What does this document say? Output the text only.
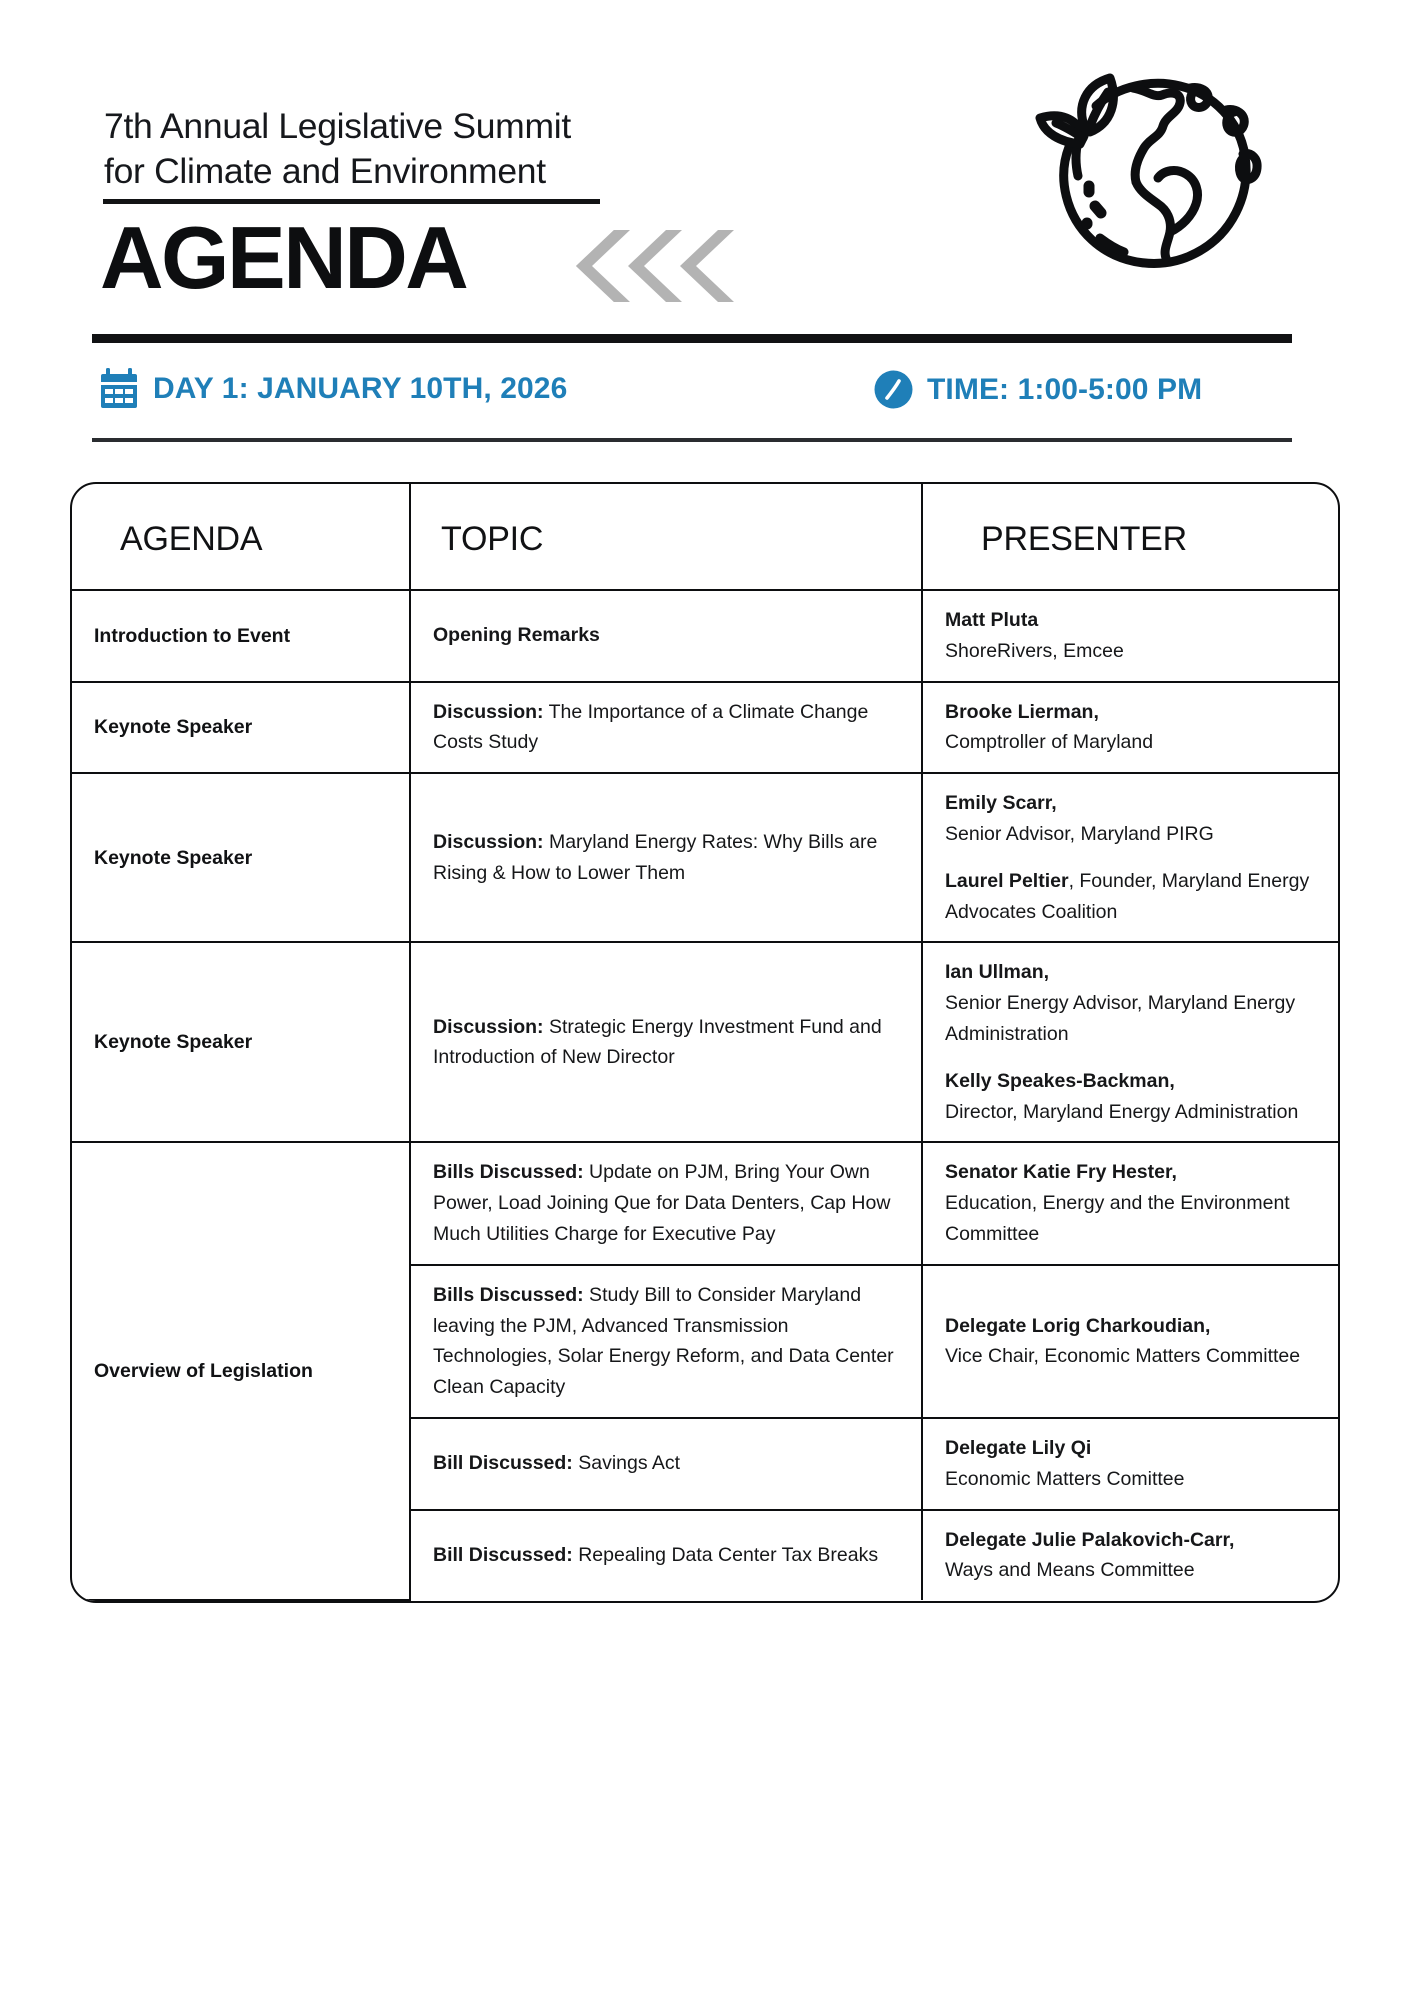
7th Annual Legislative Summit
for Climate and Environment
AGENDA
DAY 1: JANUARY 10TH, 2026	TIME: 1:00-5:00 PM
AGENDA	TOPIC	PRESENTER
Introduction to Event	Opening Remarks	Matt Pluta
ShoreRivers, Emcee

Keynote Speaker	Discussion: The Importance of a Climate Change Costs Study	Brooke Lierman,
Comptroller of Maryland

Keynote Speaker	Discussion: Maryland Energy Rates: Why Bills are Rising & How to Lower Them	Emily Scarr,
Senior Advisor, Maryland PIRG
Laurel Peltier, Founder, Maryland Energy Advocates Coalition

Keynote Speaker	Discussion: Strategic Energy Investment Fund and Introduction of New Director	Ian Ullman,
Senior Energy Advisor, Maryland Energy Administration
Kelly Speakes-Backman,
Director, Maryland Energy Administration

Overview of Legislation	Bills Discussed: Update on PJM, Bring Your Own Power, Load Joining Que for Data Denters, Cap How Much Utilities Charge for Executive Pay	Senator Katie Fry Hester,
Education, Energy and the Environment Committee

	Bills Discussed: Study Bill to Consider Maryland leaving the PJM, Advanced Transmission Technologies, Solar Energy Reform, and Data Center Clean Capacity	Delegate Lorig Charkoudian,
Vice Chair, Economic Matters Committee

	Bill Discussed: Savings Act	Delegate Lily Qi
Economic Matters Comittee

	Bill Discussed: Repealing Data Center Tax Breaks	Delegate Julie Palakovich-Carr,
Ways and Means Committee
